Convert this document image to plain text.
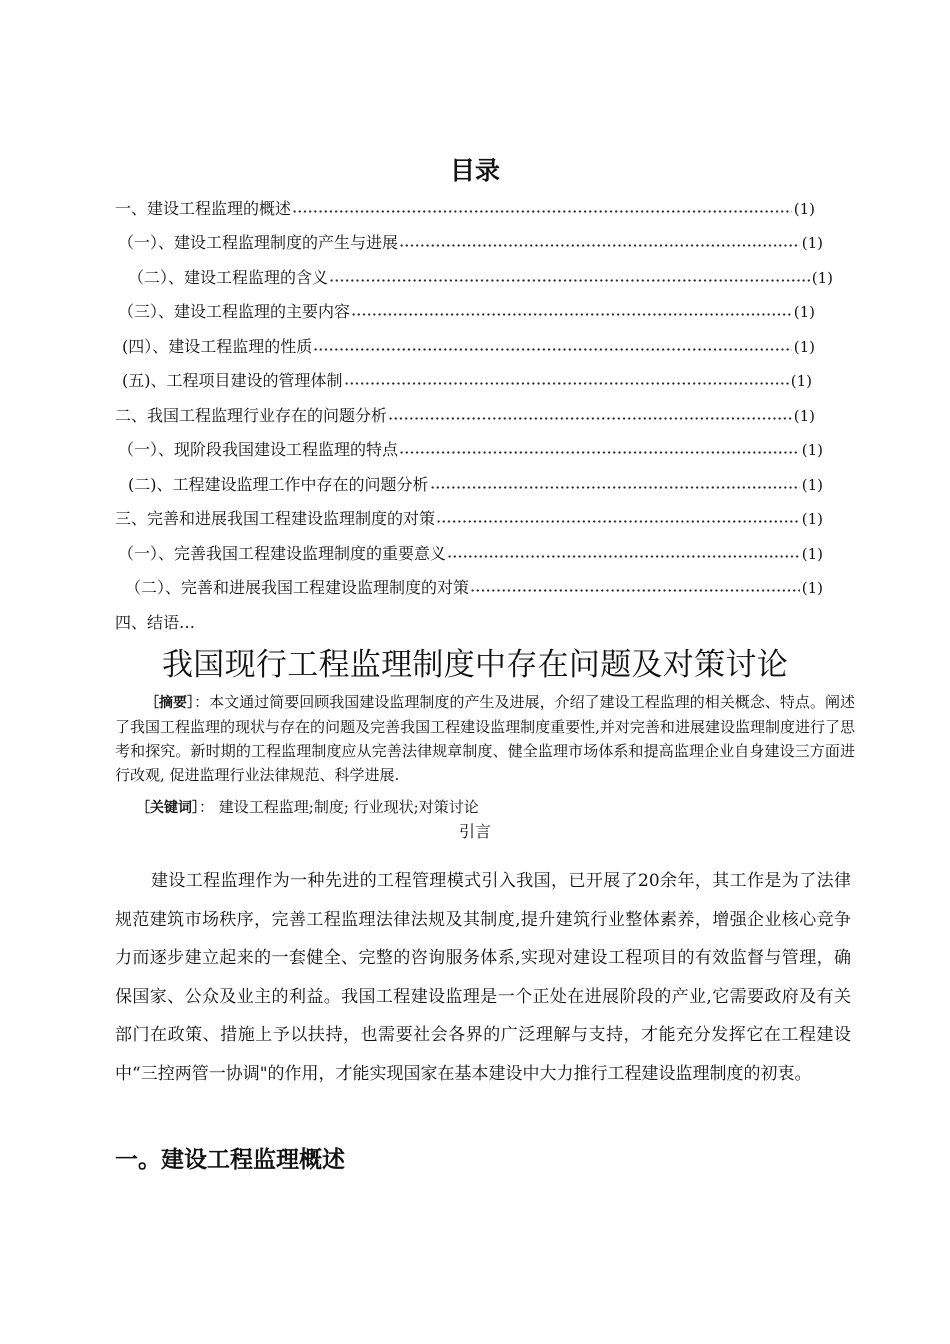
目录
一、建设工程监理的概述	(1)
（一）、建设工程监理制度的产生与进展	(1)
（二）、建设工程监理的含义	(1)
（三）、建设工程监理的主要内容	(1)
(四）、建设工程监理的性质	(1)
(五)、工程项目建设的管理体制	(1)
二、我国工程监理行业存在的问题分析	(1)
（一）、现阶段我国建设工程监理的特点	(1)
(二)、工程建设监理工作中存在的问题分析	(1)
三、完善和进展我国工程建设监理制度的对策	(1)
（一）、完善我国工程建设监理制度的重要意义	(1)
（二）、完善和进展我国工程建设监理制度的对策	(1)
四、结语…
我国现行工程监理制度中存在问题及对策讨论
［摘要］：本文通过简要回顾我国建设监理制度的产生及进展，介绍了建设工程监理的相关概念、特点。阐述了我国工程监理的现状与存在的问题及完善我国工程建设监理制度重要性,并对完善和进展建设监理制度进行了思考和探究。新时期的工程监理制度应从完善法律规章制度、健全监理市场体系和提高监理企业自身建设三方面进行改观, 促进监理行业法律规范、科学进展.
［关键词］： 建设工程监理;制度; 行业现状;对策讨论
引言
建设工程监理作为一种先进的工程管理模式引入我国，已开展了20余年，其工作是为了法律规范建筑市场秩序，完善工程监理法律法规及其制度,提升建筑行业整体素养，增强企业核心竞争力而逐步建立起来的一套健全、完整的咨询服务体系,实现对建设工程项目的有效监督与管理，确保国家、公众及业主的利益。我国工程建设监理是一个正处在进展阶段的产业,它需要政府及有关部门在政策、措施上予以扶持，也需要社会各界的广泛理解与支持，才能充分发挥它在工程建设中“三控两管一协调"的作用，才能实现国家在基本建设中大力推行工程建设监理制度的初衷。
一。建设工程监理概述
